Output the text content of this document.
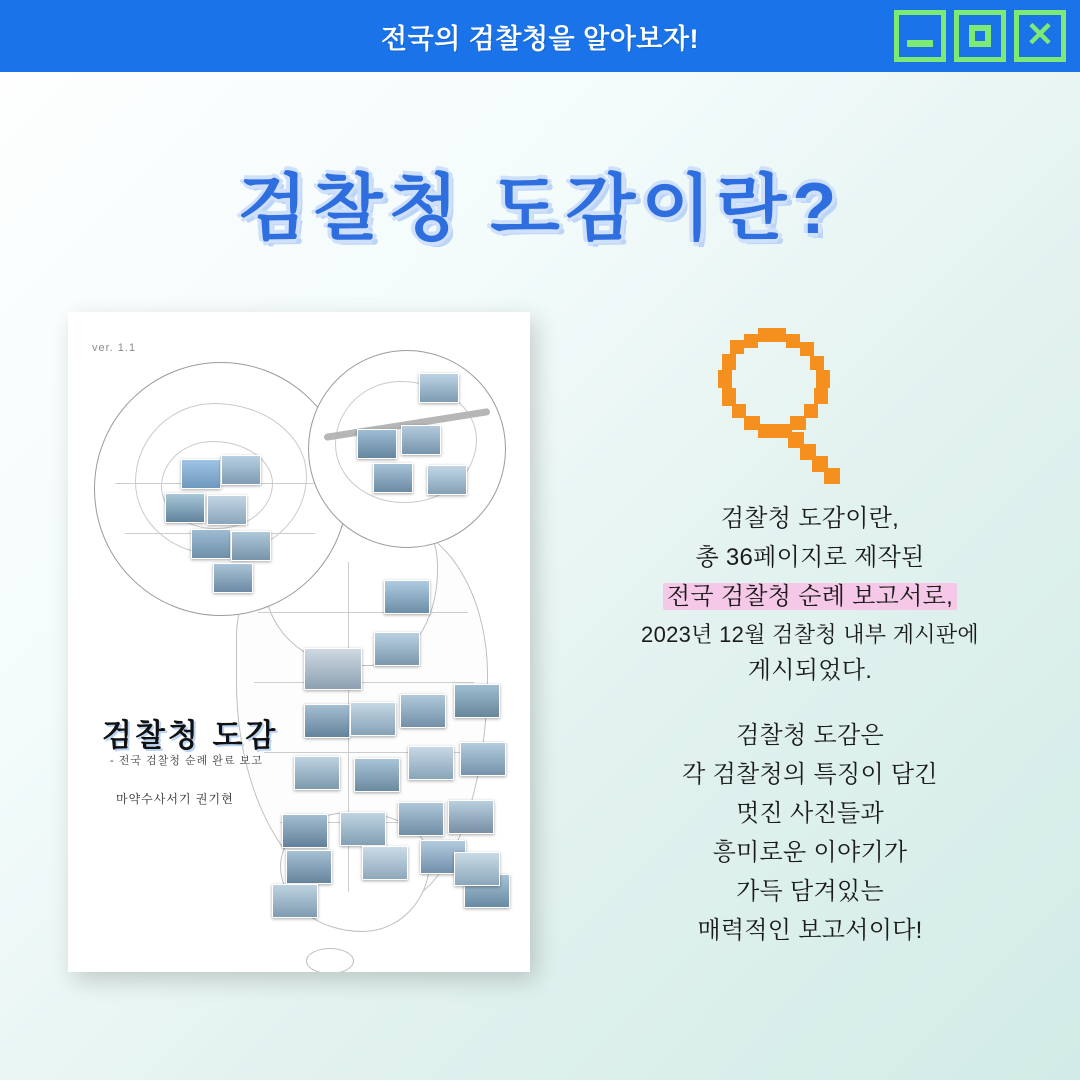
전국의 검찰청을 알아보자!	✕
검찰청 도감이란?
ver. 1.1
검찰청 도감
- 전국 검찰청 순례 완료 보고
마약수사서기 권기현
검찰청 도감이란,
총 36페이지로 제작된
전국 검찰청 순례 보고서로,
2023년 12월 검찰청 내부 게시판에
게시되었다.
검찰청 도감은
각 검찰청의 특징이 담긴
멋진 사진들과
흥미로운 이야기가
가득 담겨있는
매력적인 보고서이다!
